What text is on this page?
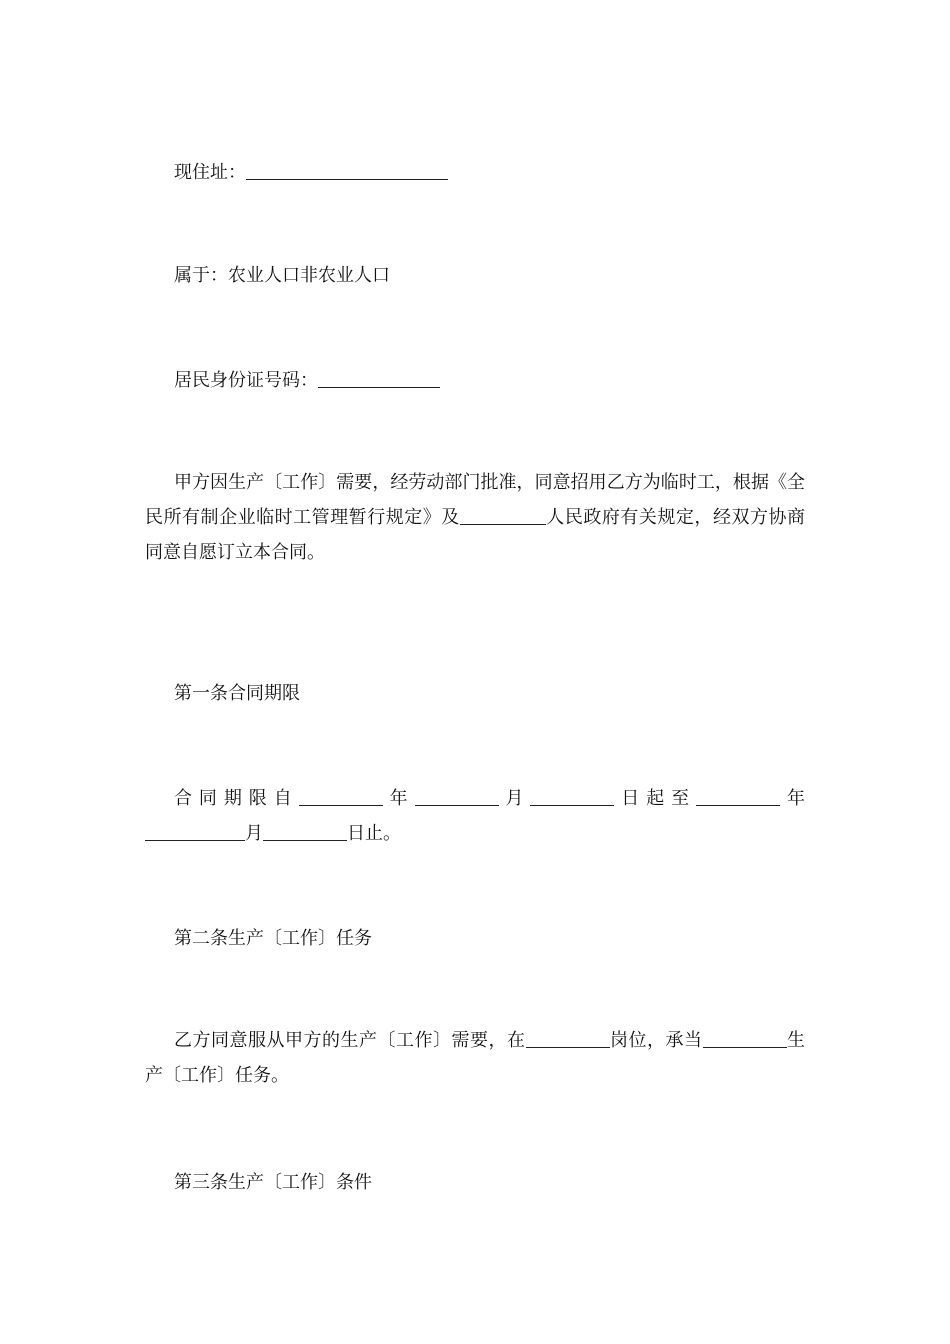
现住址：

属于：农业人口非农业人口

居民身份证号码：

甲方因生产〔工作〕需要，经劳动部门批准，同意招用乙方为临时工，根据《全民所有制企业临时工管理暂行规定》及	人民政府有关规定，经双方协商同意自愿订立本合同。

第一条合同期限

合同期限自	年	月	日起至	年月	日止。

第二条生产〔工作〕任务

乙方同意服从甲方的生产〔工作〕需要，在	岗位，承当	生产〔工作〕任务。

第三条生产〔工作〕条件
